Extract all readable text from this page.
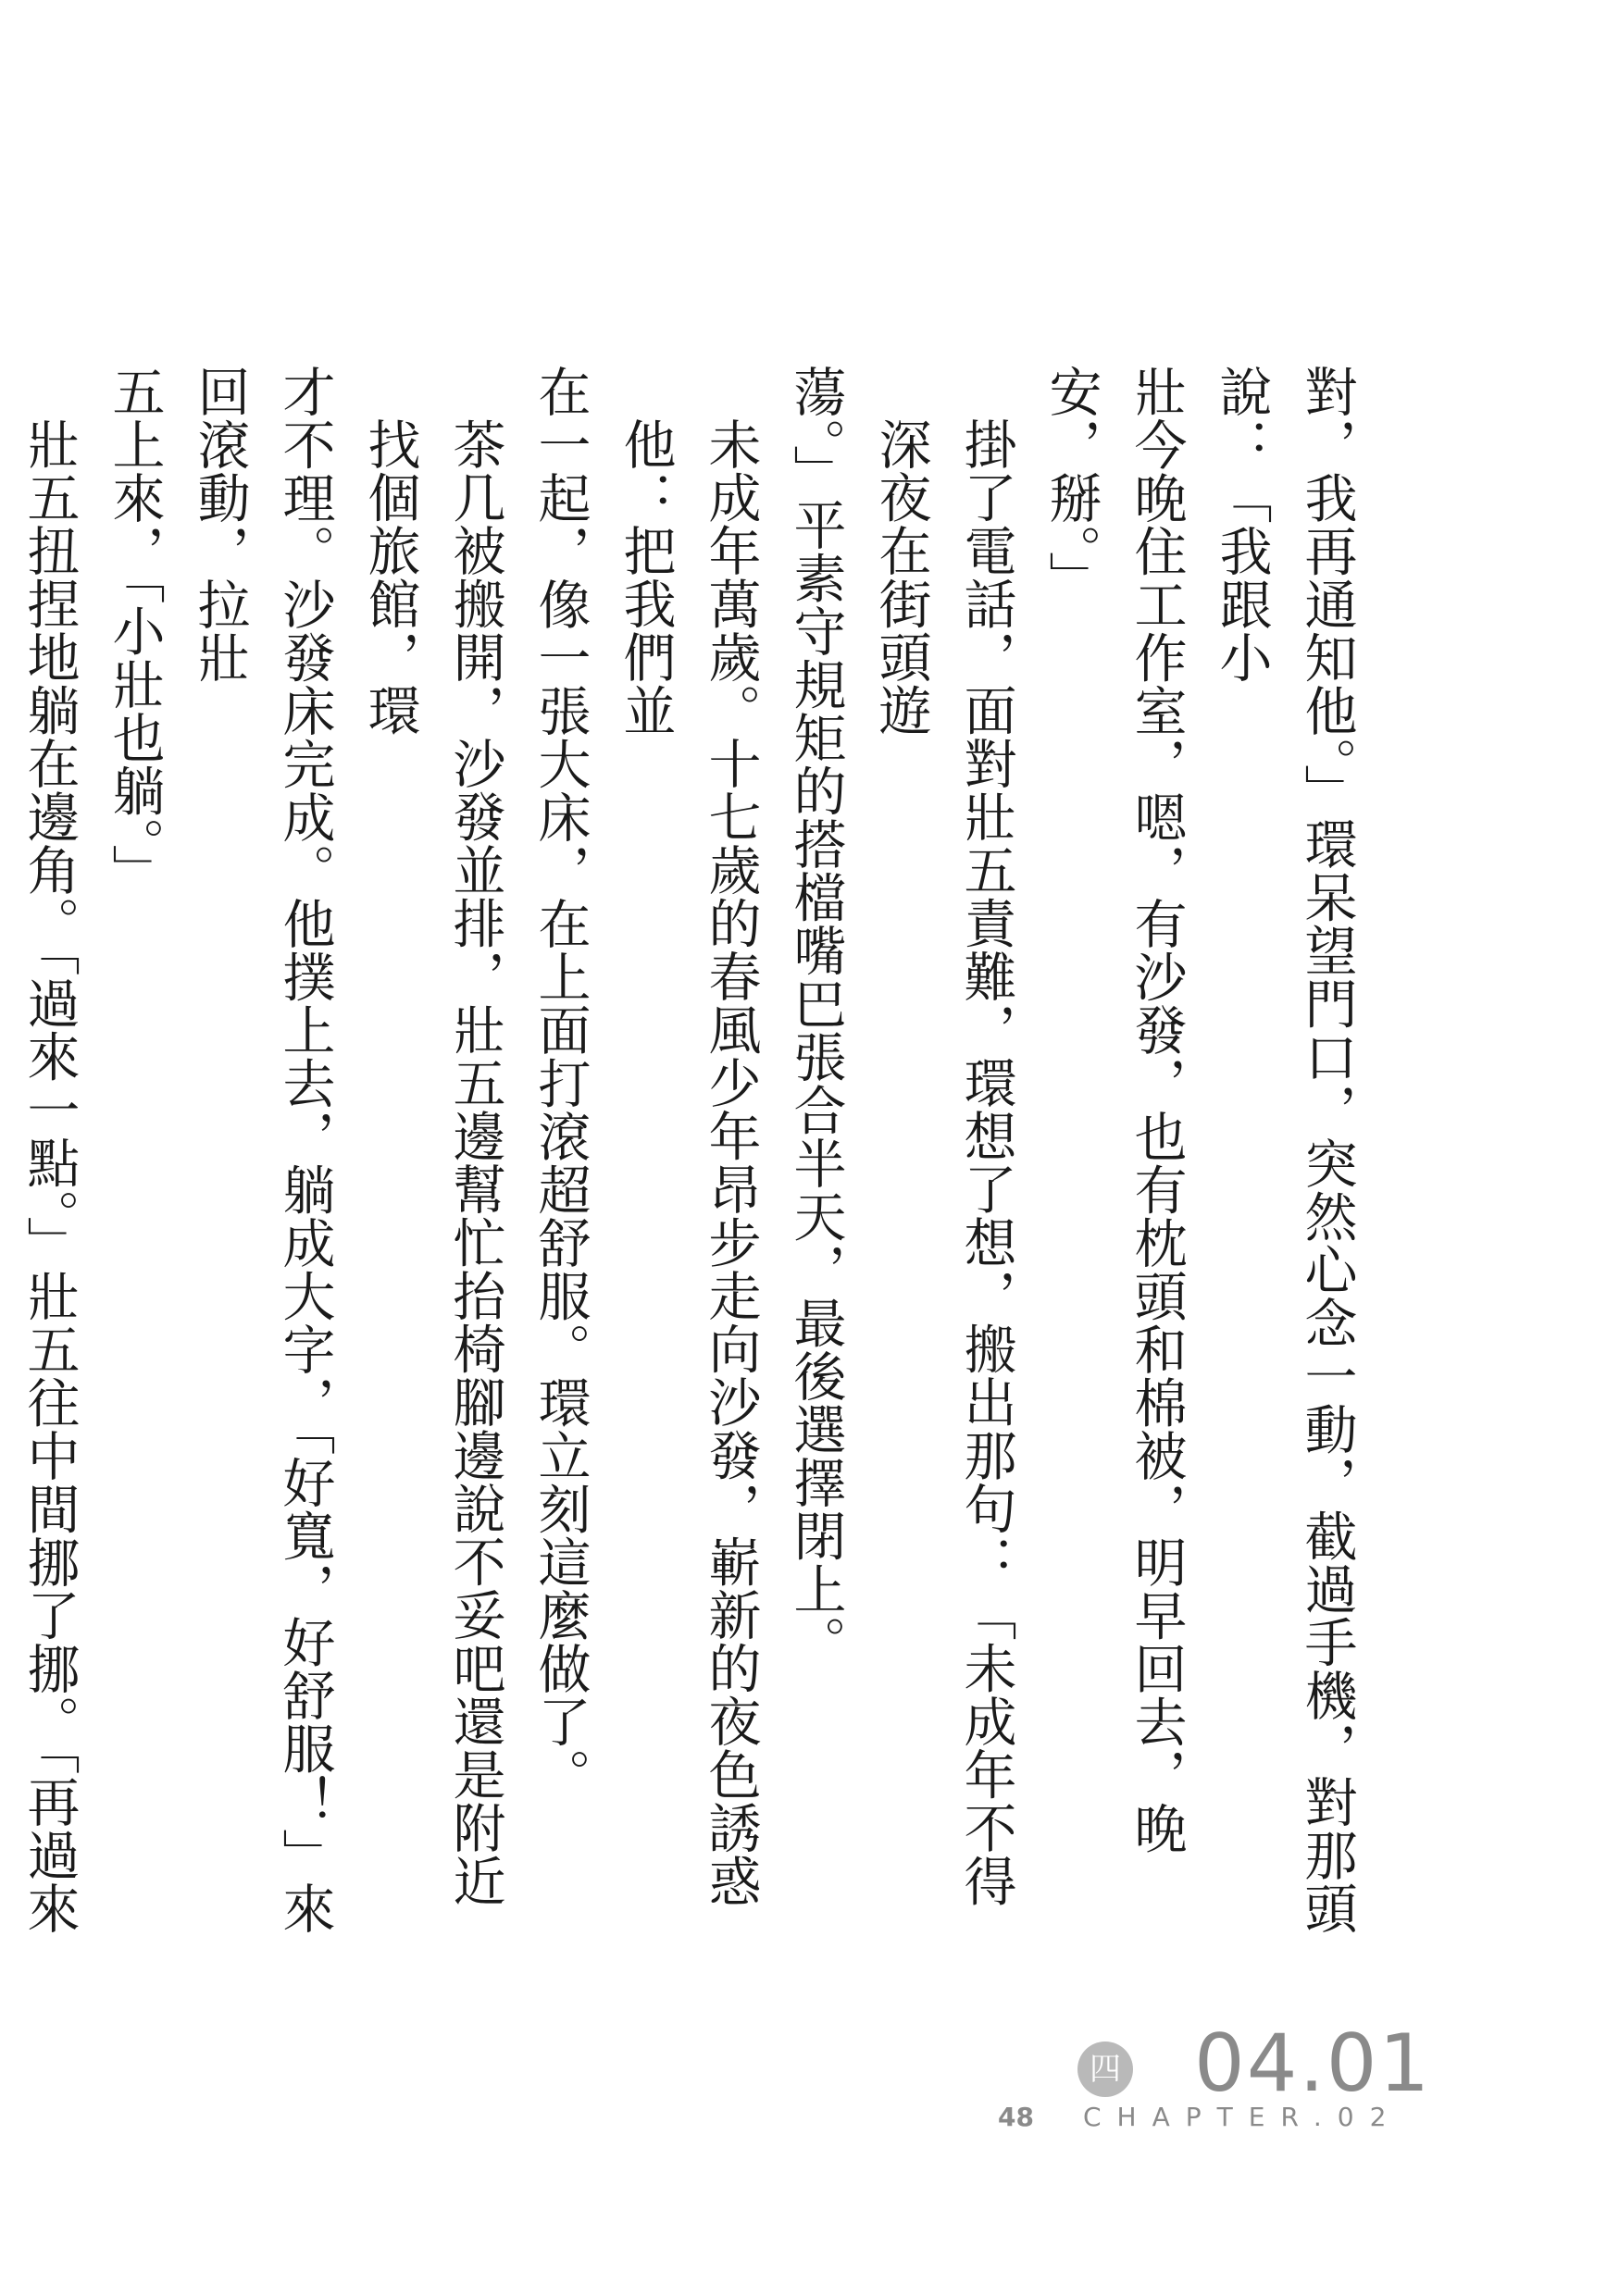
對，我再通知他。」環呆望門口，突然心念一動，截過手機，對那頭說：「我跟小

壯今晚住工作室，嗯，有沙發，也有枕頭和棉被，明早回去，晚安，掰。」

掛了電話，面對壯五責難，環想了想，搬出那句：「未成年不得深夜在街頭遊

蕩。」平素守規矩的搭檔嘴巴張合半天，最後選擇閉上。

未成年萬歲。十七歲的春風少年昂步走向沙發，嶄新的夜色誘惑他：把我們並

在一起，像一張大床，在上面打滾超舒服。環立刻這麼做了。

茶几被搬開，沙發並排，壯五邊幫忙抬椅腳邊說不妥吧還是附近找個旅館，環

才不理。沙發床完成。他撲上去，躺成大字，「好寬，好舒服！」來回滾動，拉壯

五上來，「小壯也躺。」

壯五扭捏地躺在邊角。「過來一點。」壯五往中間挪了挪。「再過來

四 04.01
48 CHAPTER.02
